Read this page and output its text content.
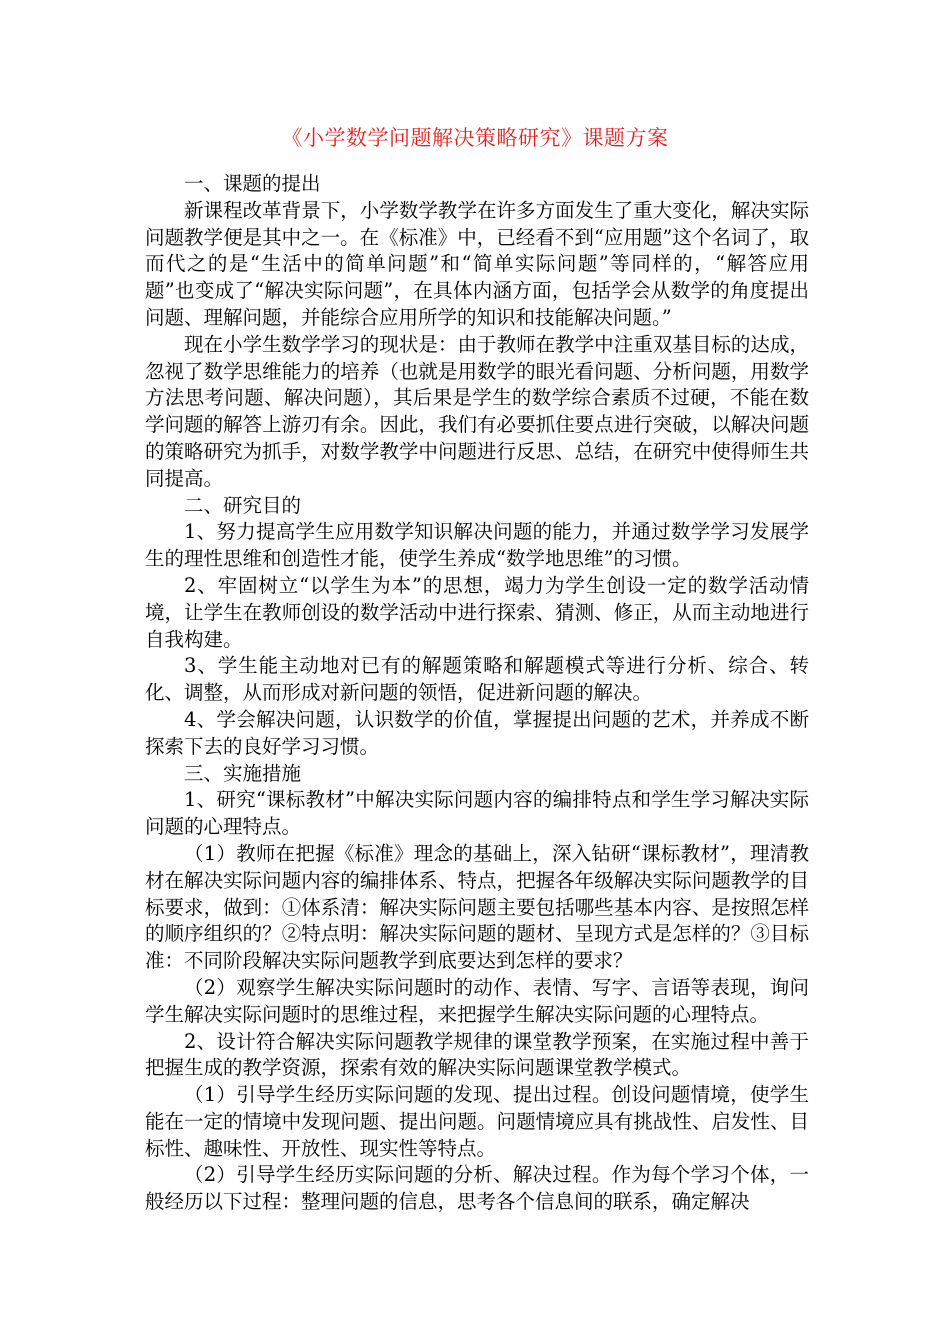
《小学数学问题解决策略研究》课题方案

一、课题的提出

新课程改革背景下，小学数学教学在许多方面发生了重大变化，解决实际问题教学便是其中之一。在《标准》中，已经看不到“应用题”这个名词了，取而代之的是“生活中的简单问题”和“简单实际问题”等同样的，“解答应用题”也变成了“解决实际问题”，在具体内涵方面，包括学会从数学的角度提出问题、理解问题，并能综合应用所学的知识和技能解决问题。”

现在小学生数学学习的现状是：由于教师在教学中注重双基目标的达成，忽视了数学思维能力的培养（也就是用数学的眼光看问题、分析问题，用数学方法思考问题、解决问题），其后果是学生的数学综合素质不过硬，不能在数学问题的解答上游刃有余。因此，我们有必要抓住要点进行突破，以解决问题的策略研究为抓手，对数学教学中问题进行反思、总结，在研究中使得师生共同提高。

二、研究目的

1、努力提高学生应用数学知识解决问题的能力，并通过数学学习发展学生的理性思维和创造性才能，使学生养成“数学地思维”的习惯。

2、牢固树立“以学生为本”的思想，竭力为学生创设一定的数学活动情境，让学生在教师创设的数学活动中进行探索、猜测、修正，从而主动地进行自我构建。

3、学生能主动地对已有的解题策略和解题模式等进行分析、综合、转化、调整，从而形成对新问题的领悟，促进新问题的解决。

4、学会解决问题，认识数学的价值，掌握提出问题的艺术，并养成不断探索下去的良好学习习惯。

三、实施措施

1、研究“课标教材”中解决实际问题内容的编排特点和学生学习解决实际问题的心理特点。

（1）教师在把握《标准》理念的基础上，深入钻研“课标教材”，理清教材在解决实际问题内容的编排体系、特点，把握各年级解决实际问题教学的目标要求，做到：①体系清：解决实际问题主要包括哪些基本内容、是按照怎样的顺序组织的？②特点明：解决实际问题的题材、呈现方式是怎样的？③目标准：不同阶段解决实际问题教学到底要达到怎样的要求？

（2）观察学生解决实际问题时的动作、表情、写字、言语等表现，询问学生解决实际问题时的思维过程，来把握学生解决实际问题的心理特点。

2、设计符合解决实际问题教学规律的课堂教学预案，在实施过程中善于把握生成的教学资源，探索有效的解决实际问题课堂教学模式。

（1）引导学生经历实际问题的发现、提出过程。创设问题情境，使学生能在一定的情境中发现问题、提出问题。问题情境应具有挑战性、启发性、目标性、趣味性、开放性、现实性等特点。

（2）引导学生经历实际问题的分析、解决过程。作为每个学习个体，一般经历以下过程：整理问题的信息，思考各个信息间的联系，确定解决
